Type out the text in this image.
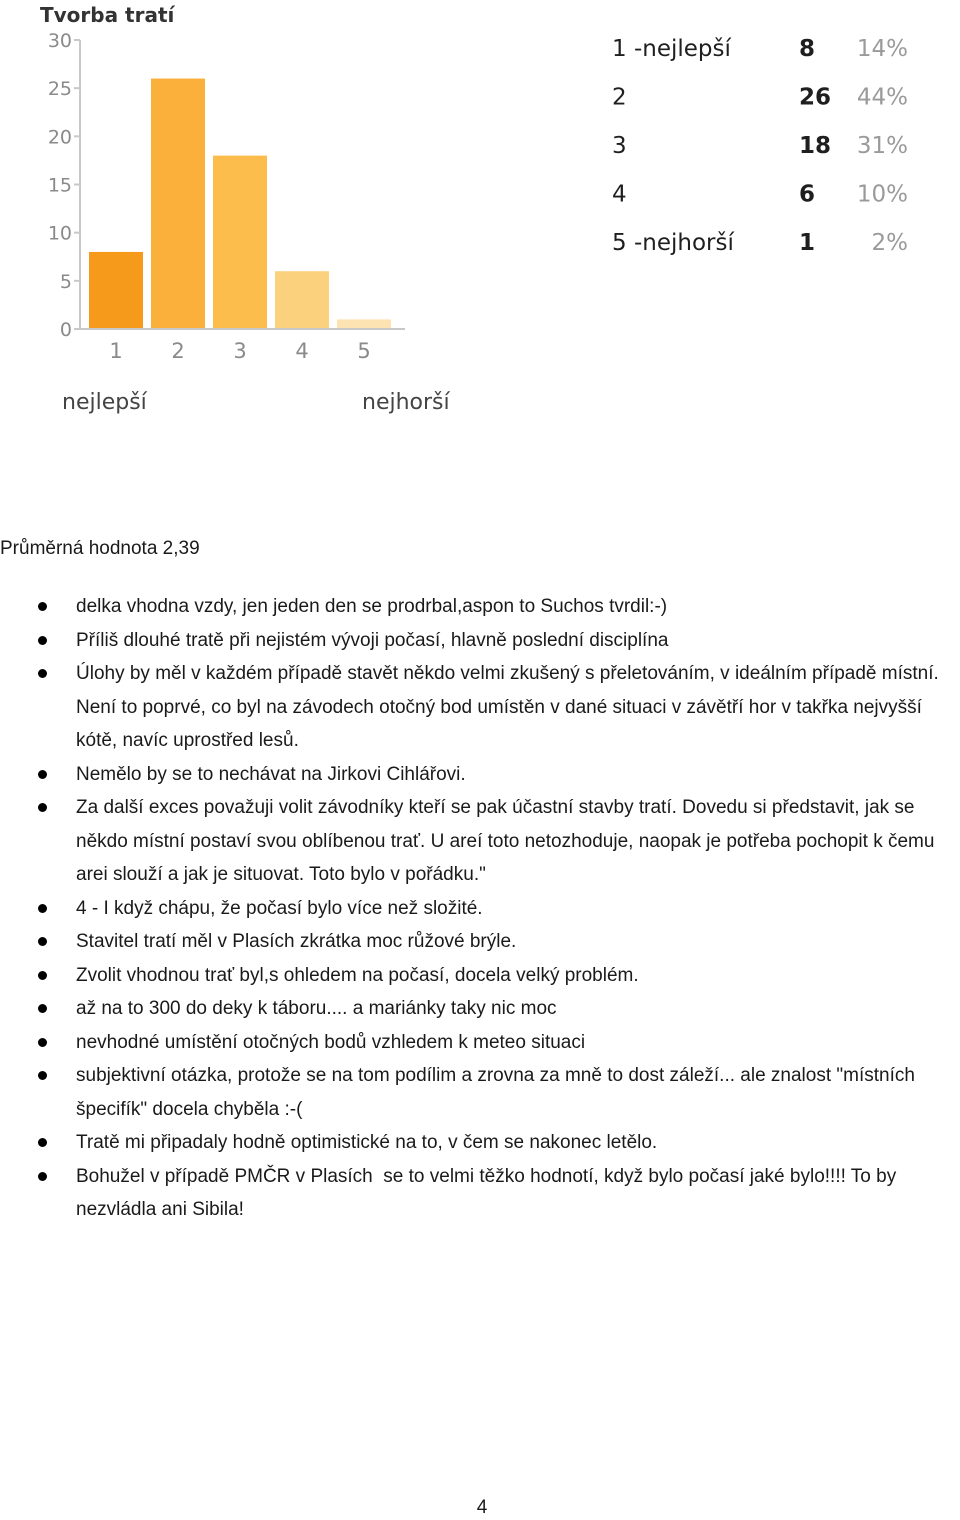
Tvorba tratí
0
5
10
15
20
25
30
1 2 3 4 5
nejlepší	nejhorší
1 -nejlepší	8 14%
2	26 44%
3	18 31%
4	6 10%
5 -nejhorší	1 2%

Průměrná hodnota 2,39

delka vhodna vzdy, jen jeden den se prodrbal,aspon to Suchos tvrdil:-)
Příliš dlouhé tratě při nejistém vývoji počasí, hlavně poslední disciplína
Úlohy by měl v každém případě stavět někdo velmi zkušený s přeletováním, v ideálním případě místní. Není to poprvé, co byl na závodech otočný bod umístěn v dané situaci v závětří hor v takřka nejvyšší kótě, navíc uprostřed lesů.
Nemělo by se to nechávat na Jirkovi Cihlářovi.
Za další exces považuji volit závodníky kteří se pak účastní stavby tratí. Dovedu si představit, jak se někdo místní postaví svou oblíbenou trať. U areí toto netozhoduje, naopak je potřeba pochopit k čemu arei slouží a jak je situovat. Toto bylo v pořádku."
4 - I když chápu, že počasí bylo více než složité.
Stavitel tratí měl v Plasích zkrátka moc růžové brýle.
Zvolit vhodnou trať byl,s ohledem na počasí, docela velký problém.
až na to 300 do deky k táboru.... a mariánky taky nic moc
nevhodné umístění otočných bodů vzhledem k meteo situaci
subjektivní otázka, protože se na tom podílim a zrovna za mně to dost záleží... ale znalost "místních špecifík" docela chyběla :-(
Tratě mi připadaly hodně optimistické na to, v čem se nakonec letělo.
Bohužel v případě PMČR v Plasích  se to velmi těžko hodnotí, když bylo počasí jaké bylo!!!! To by nezvládla ani Sibila!
4
